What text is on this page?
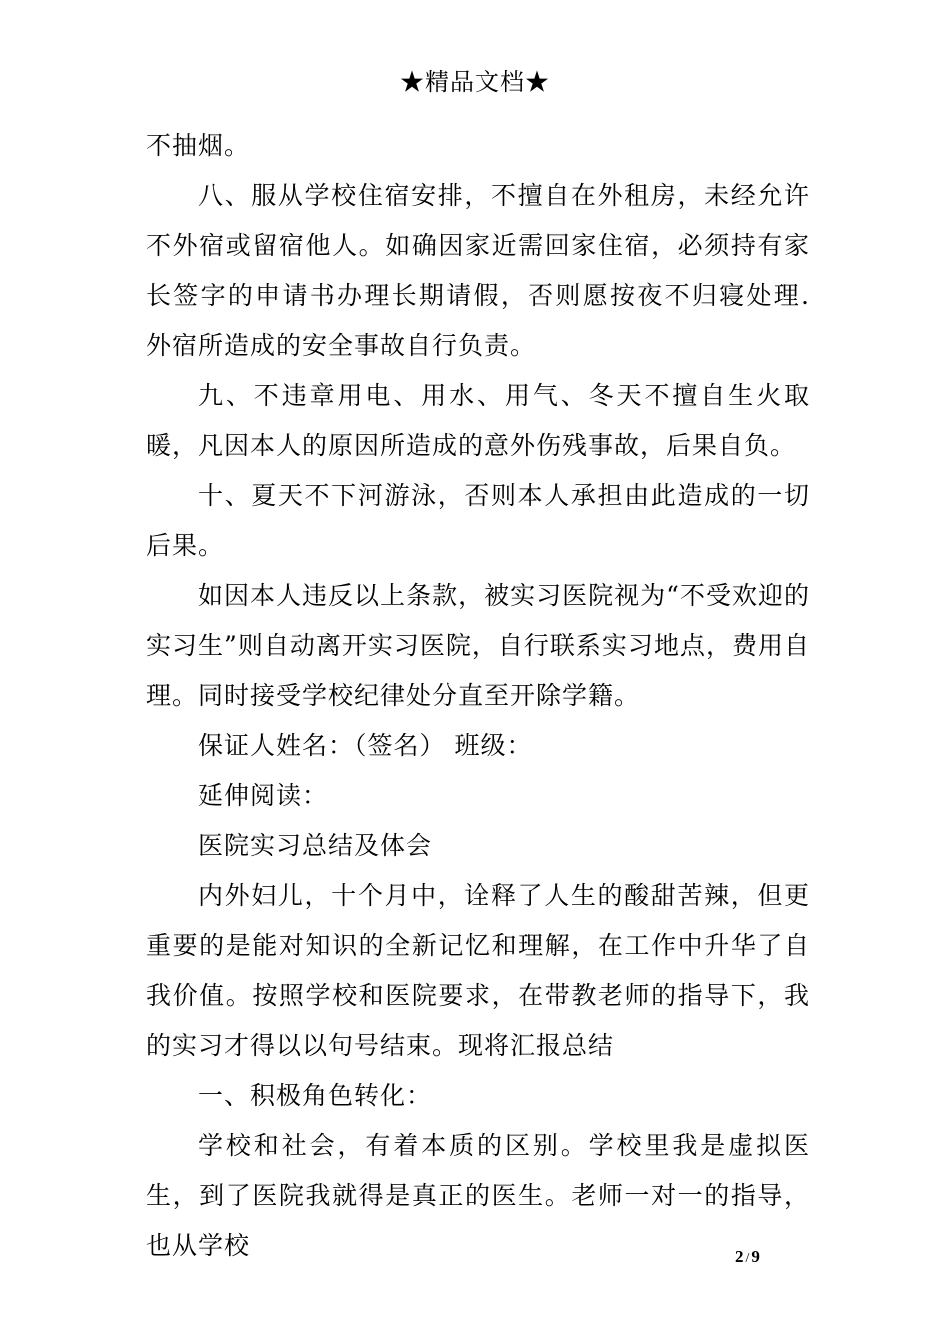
★精品文档★

不抽烟。

八、服从学校住宿安排，不擅自在外租房，未经允许不外宿或留宿他人。如确因家近需回家住宿，必须持有家长签字的申请书办理长期请假，否则愿按夜不归寝处理. 外宿所造成的安全事故自行负责。

九、不违章用电、用水、用气、冬天不擅自生火取暖，凡因本人的原因所造成的意外伤残事故，后果自负。

十、夏天不下河游泳，否则本人承担由此造成的一切后果。

如因本人违反以上条款，被实习医院视为“不受欢迎的实习生”则自动离开实习医院，自行联系实习地点，费用自理。同时接受学校纪律处分直至开除学籍。

保证人姓名：（签名） 班级：

延伸阅读：

医院实习总结及体会

内外妇儿，十个月中，诠释了人生的酸甜苦辣，但更重要的是能对知识的全新记忆和理解，在工作中升华了自我价值。按照学校和医院要求，在带教老师的指导下，我的实习才得以以句号结束。现将汇报总结

一、积极角色转化：

学校和社会，有着本质的区别。学校里我是虚拟医生，到了医院我就得是真正的医生。老师一对一的指导，也从学校	2 / 9
